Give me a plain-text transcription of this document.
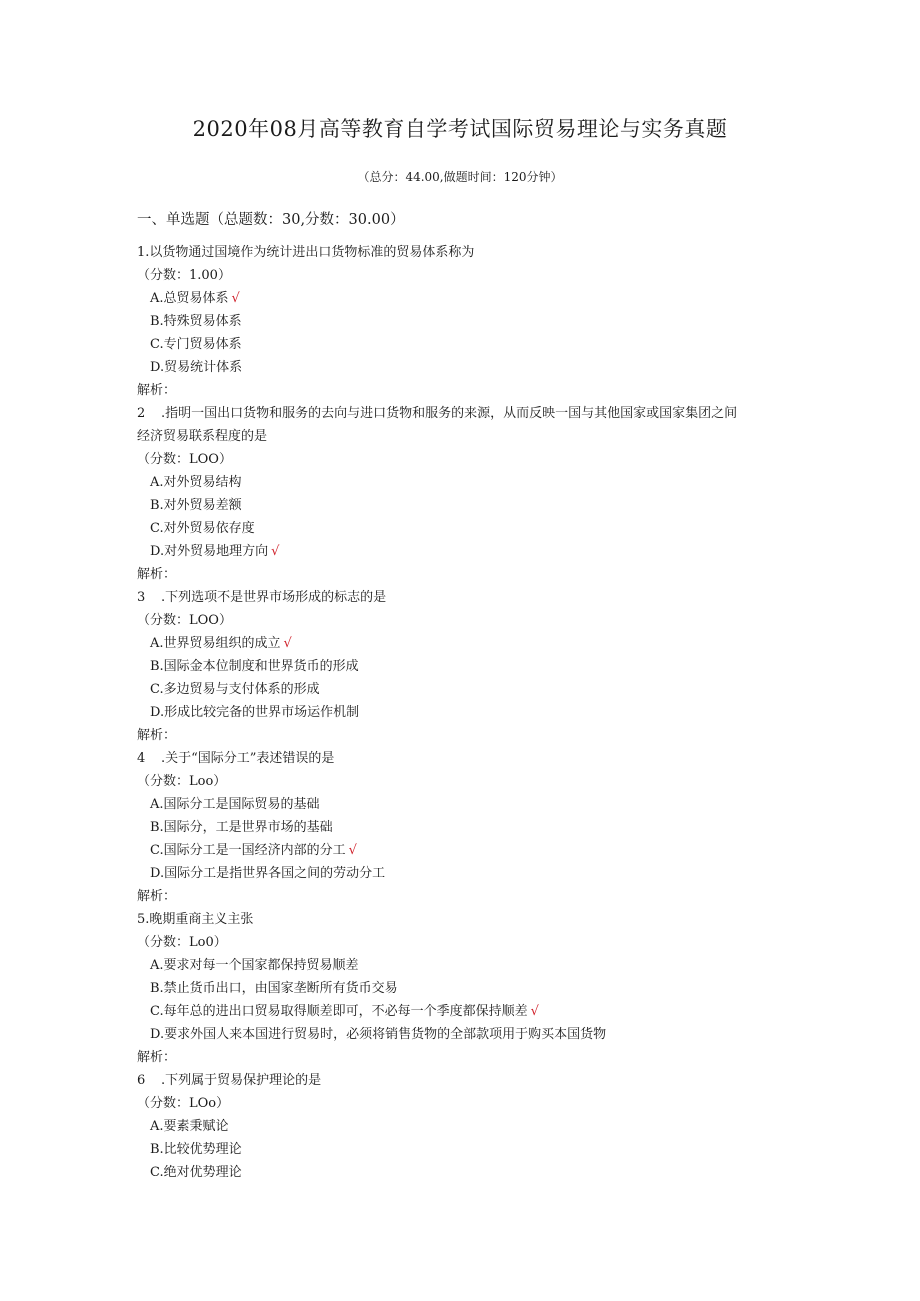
2020年08月高等教育自学考试国际贸易理论与实务真题
（总分：44.00,做题时间：120分钟）
一、单选题（总题数：30,分数：30.00）
1.以货物通过国境作为统计进出口货物标准的贸易体系称为
（分数：1.00）
A.总贸易体系 √
B.特殊贸易体系
C.专门贸易体系
D.贸易统计体系
解析：
2 .指明一国出口货物和服务的去向与进口货物和服务的来源，从而反映一国与其他国家或国家集团之间
经济贸易联系程度的是
（分数：LOO）
A.对外贸易结构
B.对外贸易差额
C.对外贸易依存度
D.对外贸易地理方向 √
解析：
3 .下列选项不是世界市场形成的标志的是
（分数：LOO）
A.世界贸易组织的成立 √
B.国际金本位制度和世界货币的形成
C.多边贸易与支付体系的形成
D.形成比较完备的世界市场运作机制
解析：
4 .关于“国际分工”表述错误的是
（分数：Loo）
A.国际分工是国际贸易的基础
B.国际分，工是世界市场的基础
C.国际分工是一国经济内部的分工 √
D.国际分工是指世界各国之间的劳动分工
解析：
5.晚期重商主义主张
（分数：Lo0）
A.要求对每一个国家都保持贸易顺差
B.禁止货币出口，由国家垄断所有货币交易
C.每年总的进出口贸易取得顺差即可，不必每一个季度都保持顺差 √
D.要求外国人来本国进行贸易时，必须将销售货物的全部款项用于购买本国货物
解析：
6 .下列属于贸易保护理论的是
（分数：LOo）
A.要素秉赋论
B.比较优势理论
C.绝对优势理论
